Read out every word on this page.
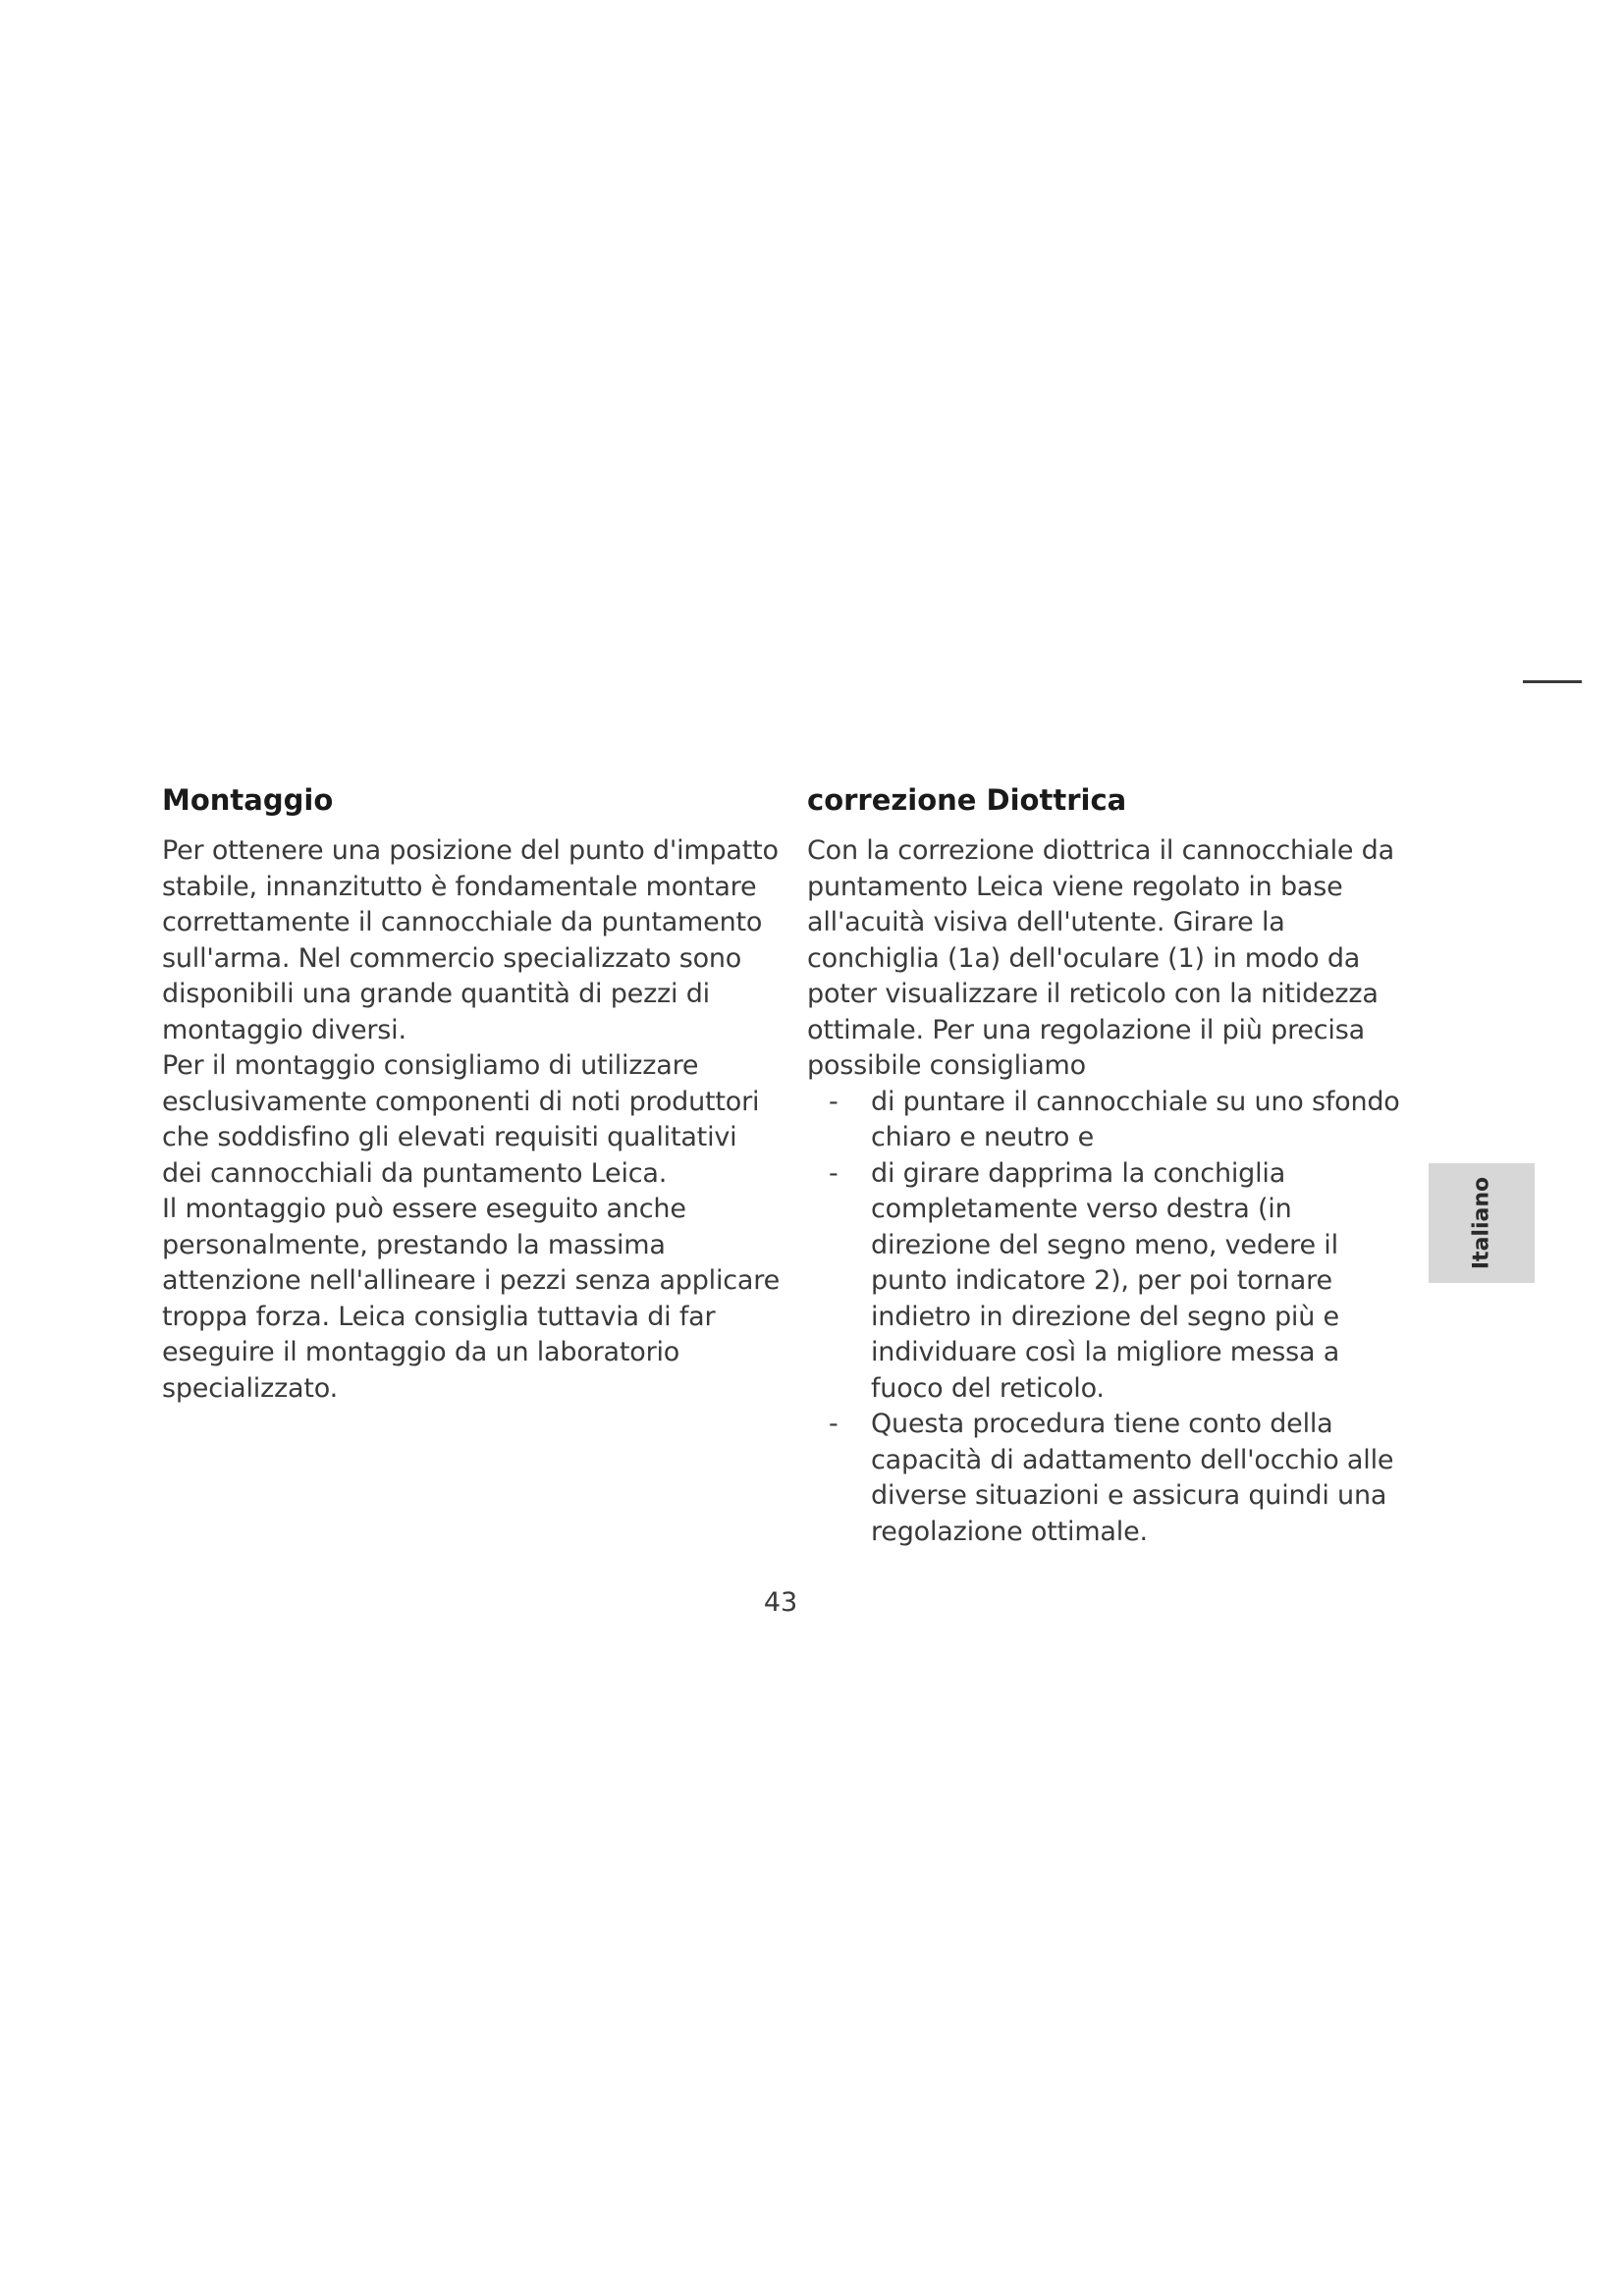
Montaggio

Per ottenere una posizione del punto d'impatto stabile, innanzitutto è fondamentale montare correttamente il cannocchiale da puntamento sull'arma. Nel commercio specializzato sono disponibili una grande quantità di pezzi di montaggio diversi.

Per il montaggio consigliamo di utilizzare esclusivamente componenti di noti produttori che soddisfino gli elevati requisiti qualitativi dei cannocchiali da puntamento Leica.

Il montaggio può essere eseguito anche personalmente, prestando la massima attenzione nell'allineare i pezzi senza applicare troppa forza. Leica consiglia tuttavia di far eseguire il montaggio da un laboratorio specializzato.

correzione Diottrica

Con la correzione diottrica il cannocchiale da puntamento Leica viene regolato in base all'acuità visiva dell'utente. Girare la conchiglia (1a) dell'oculare (1) in modo da poter visualizzare il reticolo con la nitidezza ottimale. Per una regolazione il più precisa possibile consigliamo

-	di puntare il cannocchiale su uno sfondo chiaro e neutro e
-	di girare dapprima la conchiglia completamente verso destra (in direzione del segno meno, vedere il punto indicatore 2), per poi tornare indietro in direzione del segno più e individuare così la migliore messa a fuoco del reticolo.
-	Questa procedura tiene conto della capacità di adattamento dell'occhio alle diverse situazioni e assicura quindi una regolazione ottimale.
43
Italiano
